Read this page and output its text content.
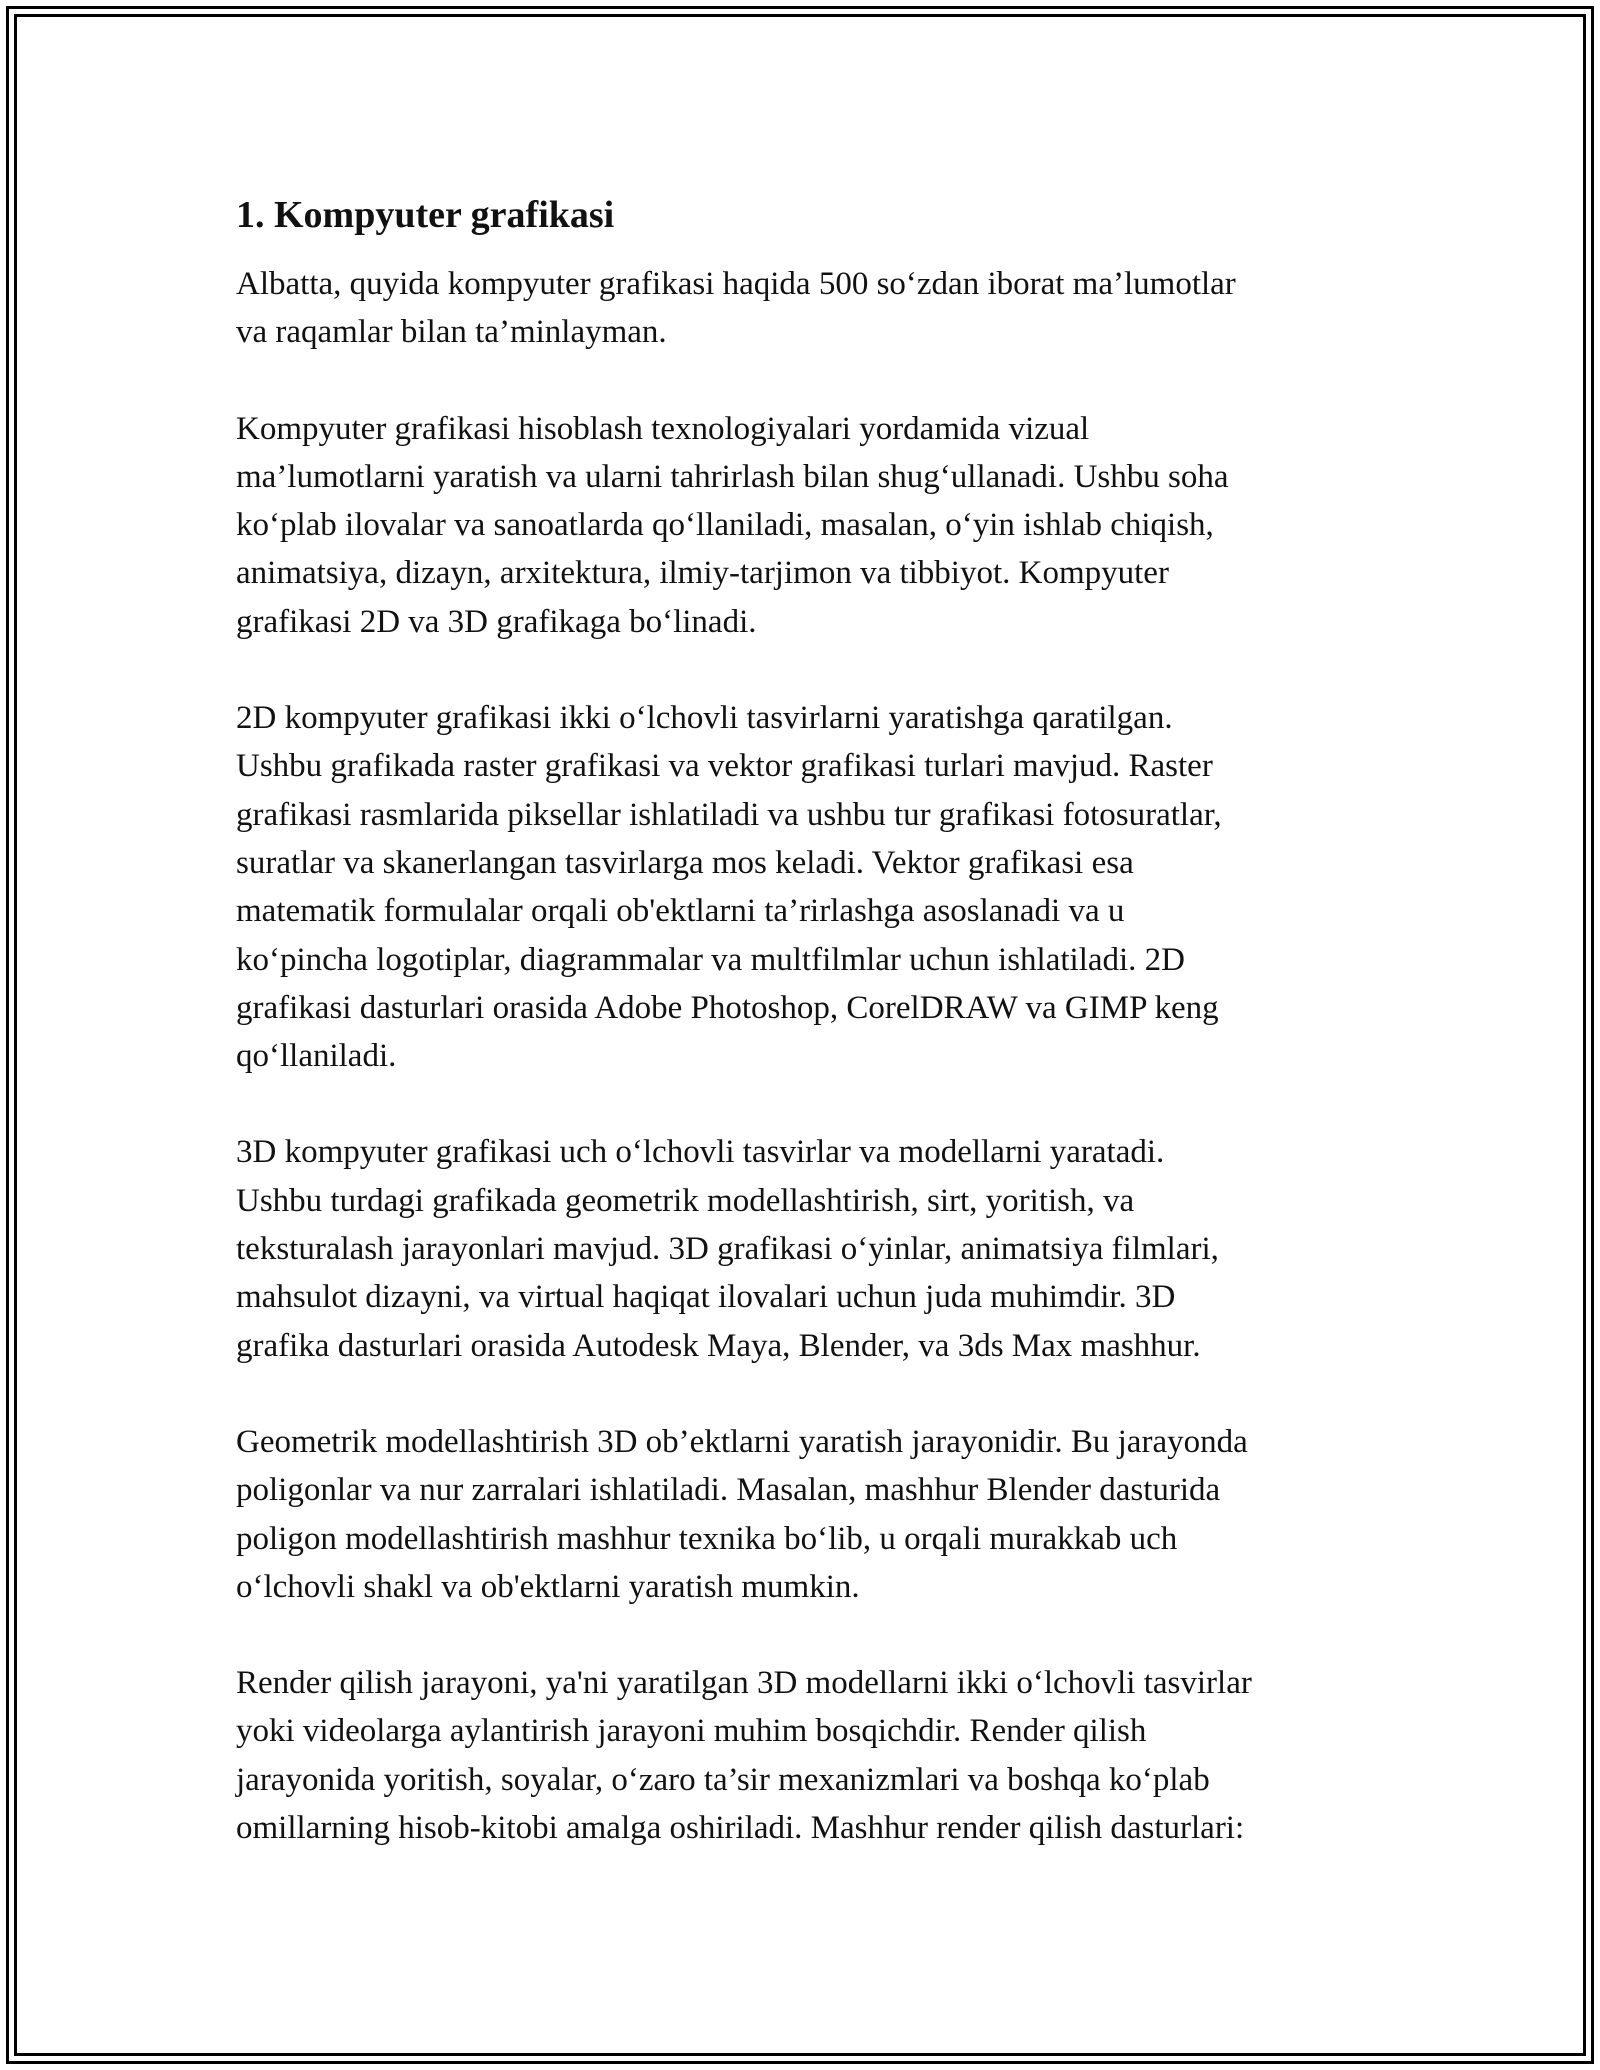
1. Kompyuter grafikasi

Albatta, quyida kompyuter grafikasi haqida 500 so‘zdan iborat ma’lumotlar
va raqamlar bilan ta’minlayman.

Kompyuter grafikasi hisoblash texnologiyalari yordamida vizual
ma’lumotlarni yaratish va ularni tahrirlash bilan shug‘ullanadi. Ushbu soha
ko‘plab ilovalar va sanoatlarda qo‘llaniladi, masalan, o‘yin ishlab chiqish,
animatsiya, dizayn, arxitektura, ilmiy-tarjimon va tibbiyot. Kompyuter
grafikasi 2D va 3D grafikaga bo‘linadi.

2D kompyuter grafikasi ikki o‘lchovli tasvirlarni yaratishga qaratilgan.
Ushbu grafikada raster grafikasi va vektor grafikasi turlari mavjud. Raster
grafikasi rasmlarida piksellar ishlatiladi va ushbu tur grafikasi fotosuratlar,
suratlar va skanerlangan tasvirlarga mos keladi. Vektor grafikasi esa
matematik formulalar orqali ob'ektlarni ta’rirlashga asoslanadi va u
ko‘pincha logotiplar, diagrammalar va multfilmlar uchun ishlatiladi. 2D
grafikasi dasturlari orasida Adobe Photoshop, CorelDRAW va GIMP keng
qo‘llaniladi.

3D kompyuter grafikasi uch o‘lchovli tasvirlar va modellarni yaratadi.
Ushbu turdagi grafikada geometrik modellashtirish, sirt, yoritish, va
teksturalash jarayonlari mavjud. 3D grafikasi o‘yinlar, animatsiya filmlari,
mahsulot dizayni, va virtual haqiqat ilovalari uchun juda muhimdir. 3D
grafika dasturlari orasida Autodesk Maya, Blender, va 3ds Max mashhur.

Geometrik modellashtirish 3D ob’ektlarni yaratish jarayonidir. Bu jarayonda
poligonlar va nur zarralari ishlatiladi. Masalan, mashhur Blender dasturida
poligon modellashtirish mashhur texnika bo‘lib, u orqali murakkab uch
o‘lchovli shakl va ob'ektlarni yaratish mumkin.

Render qilish jarayoni, ya'ni yaratilgan 3D modellarni ikki o‘lchovli tasvirlar
yoki videolarga aylantirish jarayoni muhim bosqichdir. Render qilish
jarayonida yoritish, soyalar, o‘zaro ta’sir mexanizmlari va boshqa ko‘plab
omillarning hisob-kitobi amalga oshiriladi. Mashhur render qilish dasturlari:
